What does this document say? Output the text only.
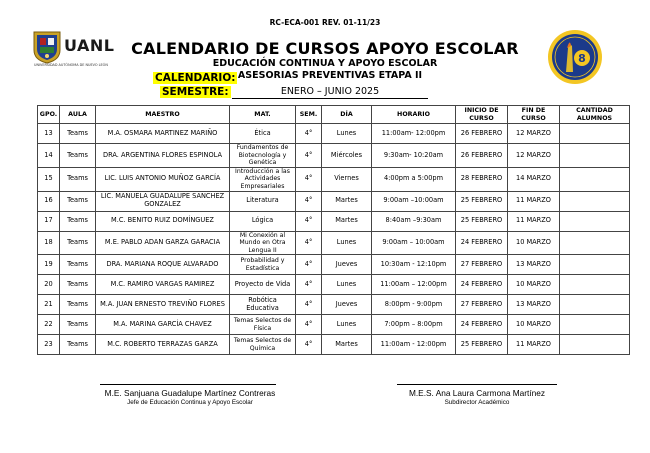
RC-ECA-001 REV. 01-11/23
UANL
UNIVERSIDAD AUTÓNOMA DE NUEVO LEÓN	8
CALENDARIO DE CURSOS APOYO ESCOLAR
EDUCACIÓN CONTINUA Y APOYO ESCOLAR
CALENDARIO: ASESORIAS PREVENTIVAS ETAPA II
SEMESTRE:	ENERO – JUNIO 2025
GPO.	AULA	MAESTRO	MAT.	SEM.	DÍA	HORARIO	INICIO DE CURSO	FIN DE CURSO	CANTIDAD ALUMNOS
13	Teams	M.A. OSMARA MARTINEZ MARIÑO	Ética	4°	Lunes	11:00am- 12:00pm	26 FEBRERO	12 MARZO	
14	Teams	DRA. ARGENTINA FLORES ESPINOLA	Fundamentos de Biotecnología y Genética	4°	Miércoles	9:30am- 10:20am	26 FEBRERO	12 MARZO	
15	Teams	LIC. LUIS ANTONIO MUÑOZ GARCÍA	Introducción a las Actividades Empresariales	4°	Viernes	4:00pm a 5:00pm	28 FEBRERO	14 MARZO	
16	Teams	LIC. MANUELA GUADALUPE SANCHEZ GONZALEZ	Literatura	4°	Martes	9:00am –10:00am	25 FEBRERO	11 MARZO	
17	Teams	M.C. BENITO RUIZ DOMÍNGUEZ	Lógica	4°	Martes	8:40am –9:30am	25 FEBRERO	11 MARZO	
18	Teams	M.E. PABLO ADAN GARZA GARACIA	Mi Conexión al Mundo en Otra Lengua II	4°	Lunes	9:00am – 10:00am	24 FEBRERO	10 MARZO	
19	Teams	DRA. MARIANA ROQUE ALVARADO	Probabilidad y Estadística	4°	Jueves	10:30am - 12:10pm	27 FEBRERO	13 MARZO	
20	Teams	M.C. RAMIRO VARGAS RAMIREZ	Proyecto de Vida	4°	Lunes	11:00am – 12:00pm	24 FEBRERO	10 MARZO	
21	Teams	M.A. JUAN ERNESTO TREVIÑO FLORES	Robótica Educativa	4°	Jueves	8:00pm - 9:00pm	27 FEBRERO	13 MARZO	
22	Teams	M.A. MARINA GARCÍA CHAVEZ	Temas Selectos de Física	4°	Lunes	7:00pm – 8:00pm	24 FEBRERO	10 MARZO	
23	Teams	M.C. ROBERTO TERRAZAS GARZA	Temas Selectos de Química	4°	Martes	11:00am - 12:00pm	25 FEBRERO	11 MARZO	
M.E. Sanjuana Guadalupe Martínez Contreras
Jefe de Educación Continua y Apoyo Escolar
M.E.S. Ana Laura Carmona Martínez
Subdirector Académico
